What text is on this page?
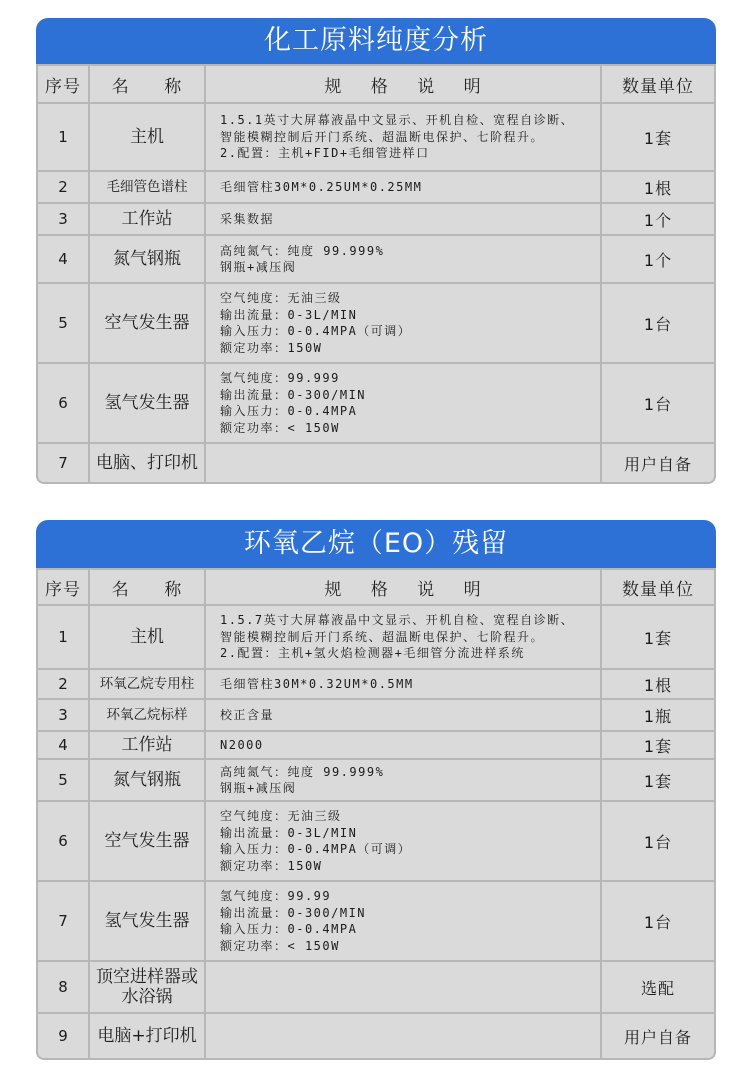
化工原料纯度分析
序号	名 称	规 格 说 明	数量单位
1	主机	1.5.1英寸大屏幕液晶中文显示、开机自检、宽程自诊断、
智能模糊控制后开门系统、超温断电保护、七阶程升。
2.配置：主机+FID+毛细管进样口	1套
2	毛细管色谱柱	毛细管柱30M*0.25UM*0.25MM	1根
3	工作站	采集数据	1个
4	氮气钢瓶	高纯氮气：纯度 99.999%
钢瓶+减压阀	1个
5	空气发生器	空气纯度：无油三级
输出流量：0-3L/MIN
输入压力：0-0.4MPA（可调）
额定功率：150W	1台
6	氢气发生器	氢气纯度：99.999
输出流量：0-300/MIN
输入压力：0-0.4MPA
额定功率：< 150W	1台
7	电脑、打印机		用户自备
环氧乙烷（EO）残留
序号	名 称	规 格 说 明	数量单位
1	主机	1.5.7英寸大屏幕液晶中文显示、开机自检、宽程自诊断、
智能模糊控制后开门系统、超温断电保护、七阶程升。
2.配置：主机+氢火焰检测器+毛细管分流进样系统	1套
2	环氧乙烷专用柱	毛细管柱30M*0.32UM*0.5MM	1根
3	环氧乙烷标样	校正含量	1瓶
4	工作站	N2000	1套
5	氮气钢瓶	高纯氮气：纯度 99.999%
钢瓶+减压阀	1套
6	空气发生器	空气纯度：无油三级
输出流量：0-3L/MIN
输入压力：0-0.4MPA（可调）
额定功率：150W	1台
7	氢气发生器	氢气纯度：99.99
输出流量：0-300/MIN
输入压力：0-0.4MPA
额定功率：< 150W	1台
8	顶空进样器或
水浴锅		选配
9	电脑+打印机		用户自备
